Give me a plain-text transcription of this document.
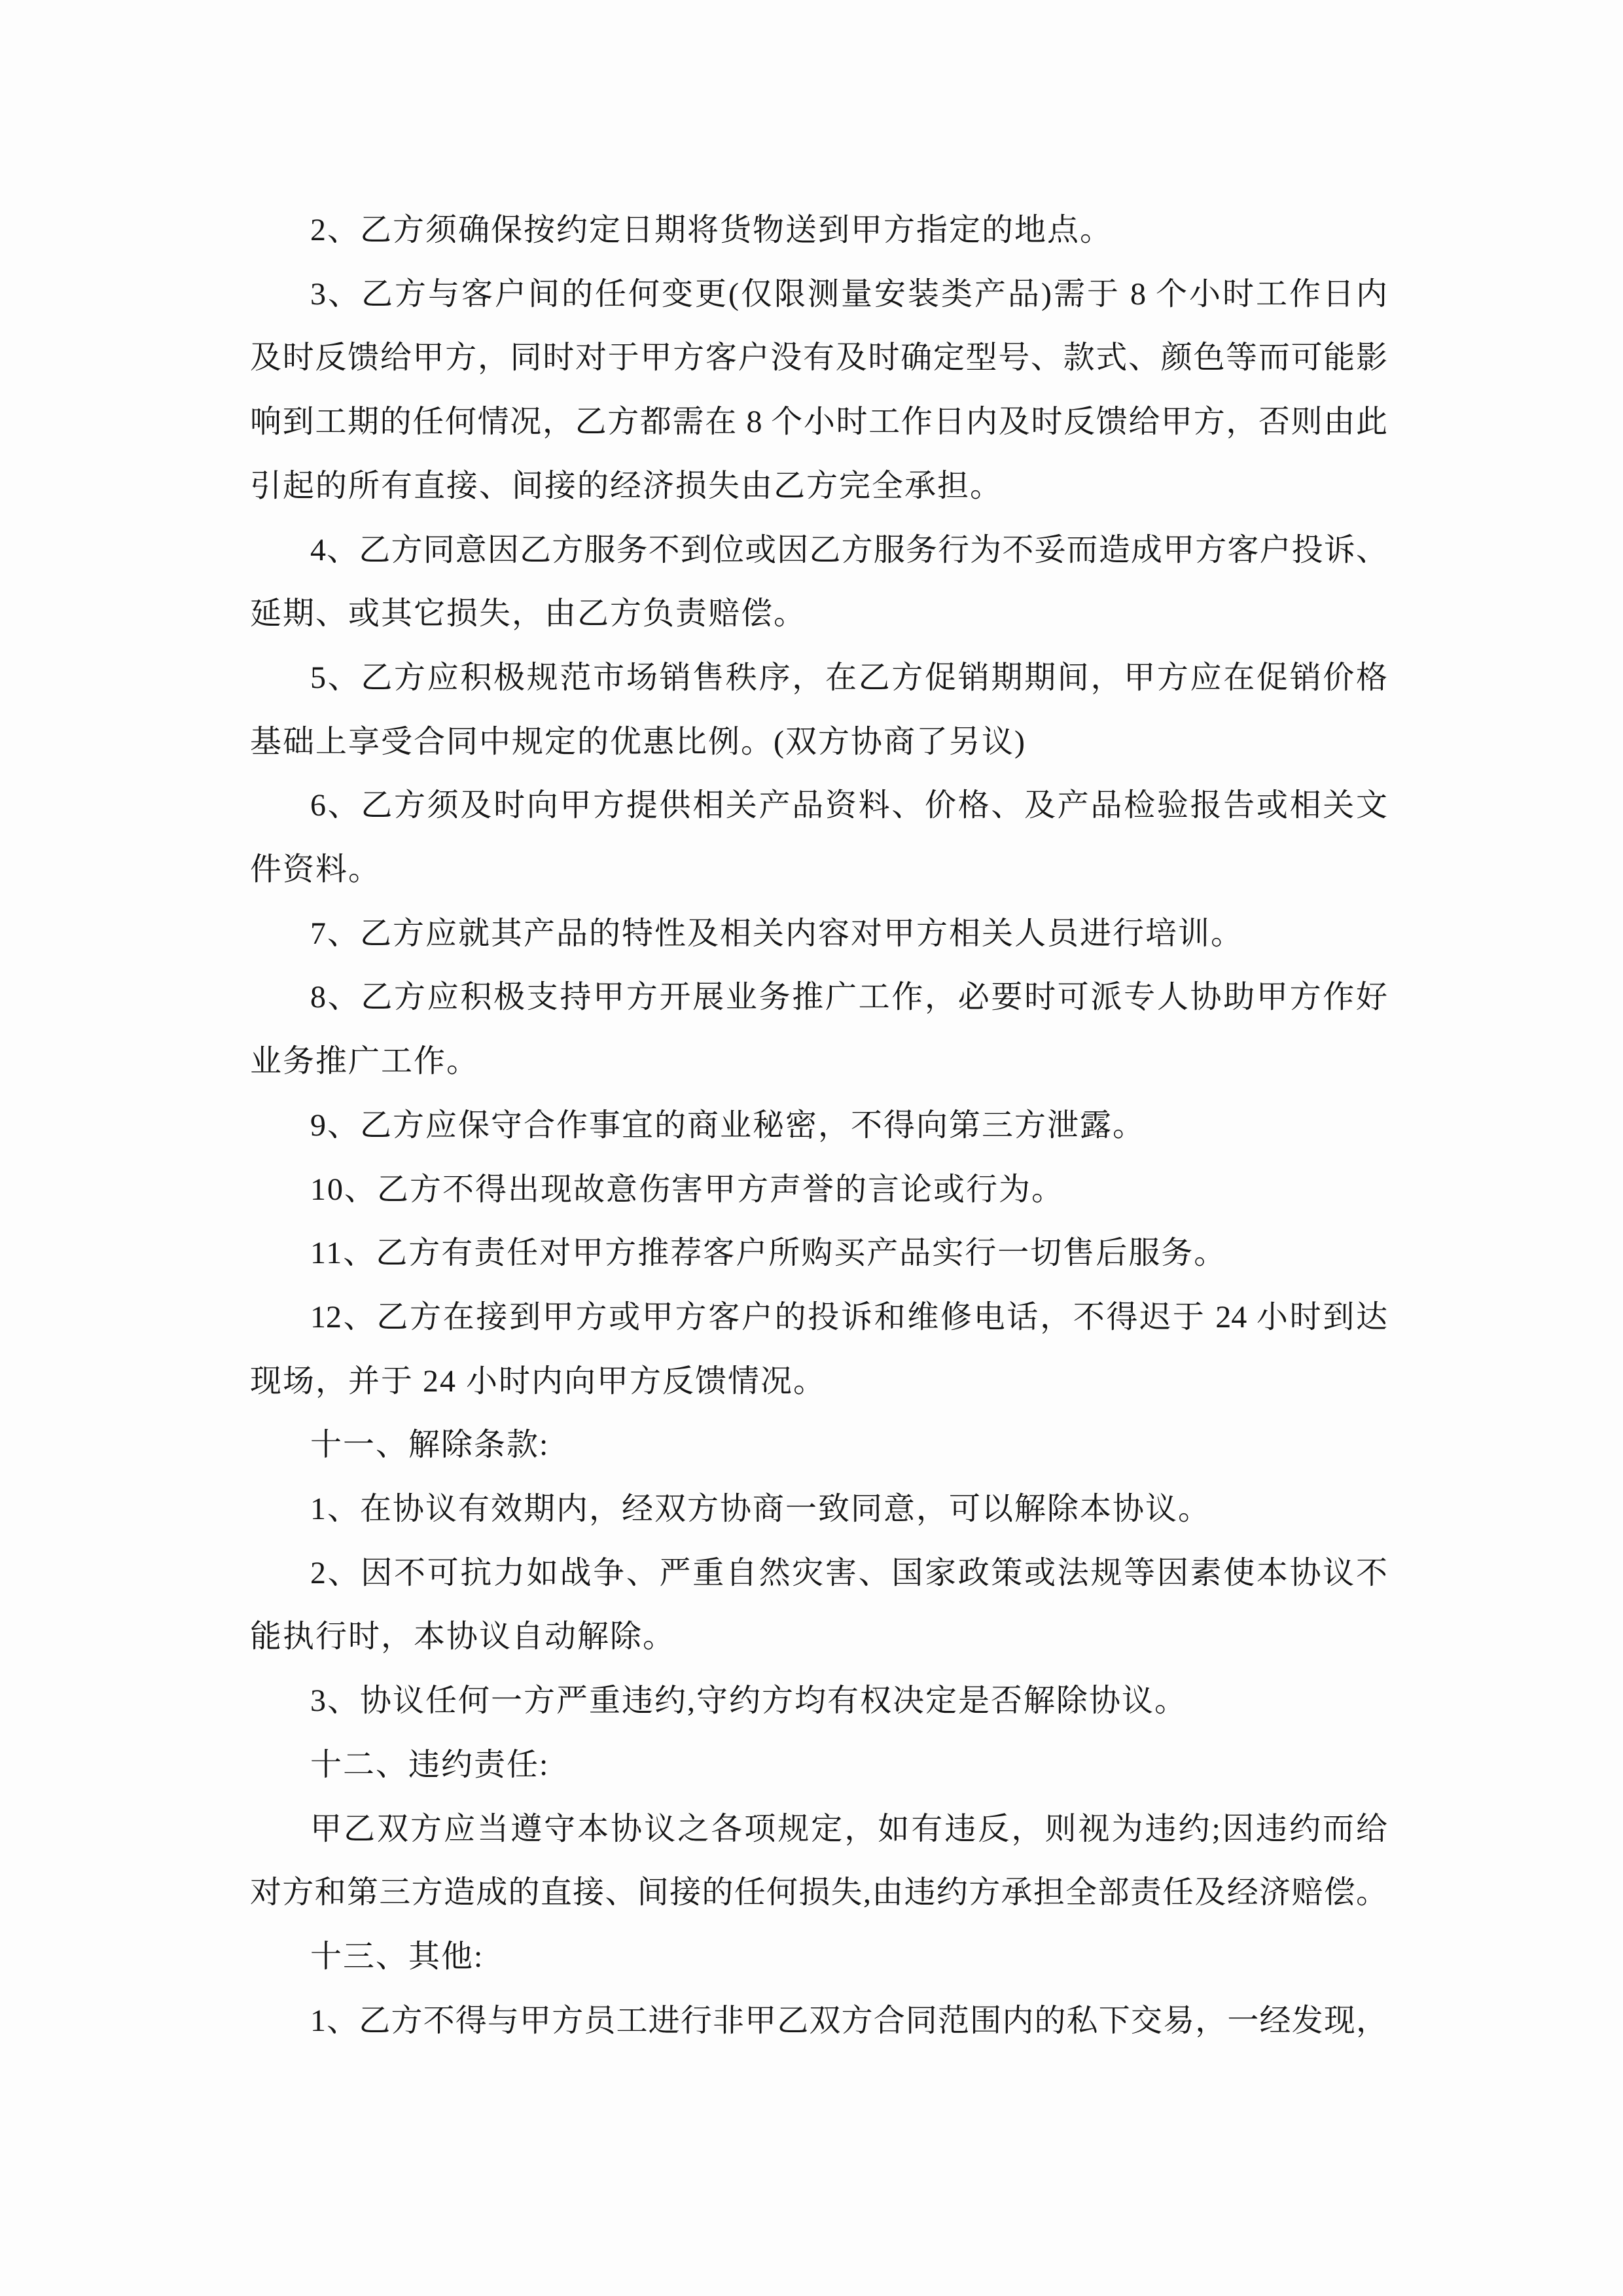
2、乙方须确保按约定日期将货物送到甲方指定的地点。
3、乙方与客户间的任何变更(仅限测量安装类产品)需于 8 个小时工作日内
及时反馈给甲方，同时对于甲方客户没有及时确定型号、款式、颜色等而可能影
响到工期的任何情况，乙方都需在 8 个小时工作日内及时反馈给甲方，否则由此
引起的所有直接、间接的经济损失由乙方完全承担。
4、乙方同意因乙方服务不到位或因乙方服务行为不妥而造成甲方客户投诉、
延期、或其它损失，由乙方负责赔偿。
5、乙方应积极规范市场销售秩序，在乙方促销期期间，甲方应在促销价格
基础上享受合同中规定的优惠比例。(双方协商了另议)
6、乙方须及时向甲方提供相关产品资料、价格、及产品检验报告或相关文
件资料。
7、乙方应就其产品的特性及相关内容对甲方相关人员进行培训。
8、乙方应积极支持甲方开展业务推广工作，必要时可派专人协助甲方作好
业务推广工作。
9、乙方应保守合作事宜的商业秘密，不得向第三方泄露。
10、乙方不得出现故意伤害甲方声誉的言论或行为。
11、乙方有责任对甲方推荐客户所购买产品实行一切售后服务。
12、乙方在接到甲方或甲方客户的投诉和维修电话，不得迟于 24 小时到达
现场，并于 24 小时内向甲方反馈情况。
十一、解除条款:
1、在协议有效期内，经双方协商一致同意，可以解除本协议。
2、因不可抗力如战争、严重自然灾害、国家政策或法规等因素使本协议不
能执行时，本协议自动解除。
3、协议任何一方严重违约,守约方均有权决定是否解除协议。
十二、违约责任:
甲乙双方应当遵守本协议之各项规定，如有违反，则视为违约;因违约而给
对方和第三方造成的直接、间接的任何损失,由违约方承担全部责任及经济赔偿。
十三、其他:
1、乙方不得与甲方员工进行非甲乙双方合同范围内的私下交易，一经发现，
